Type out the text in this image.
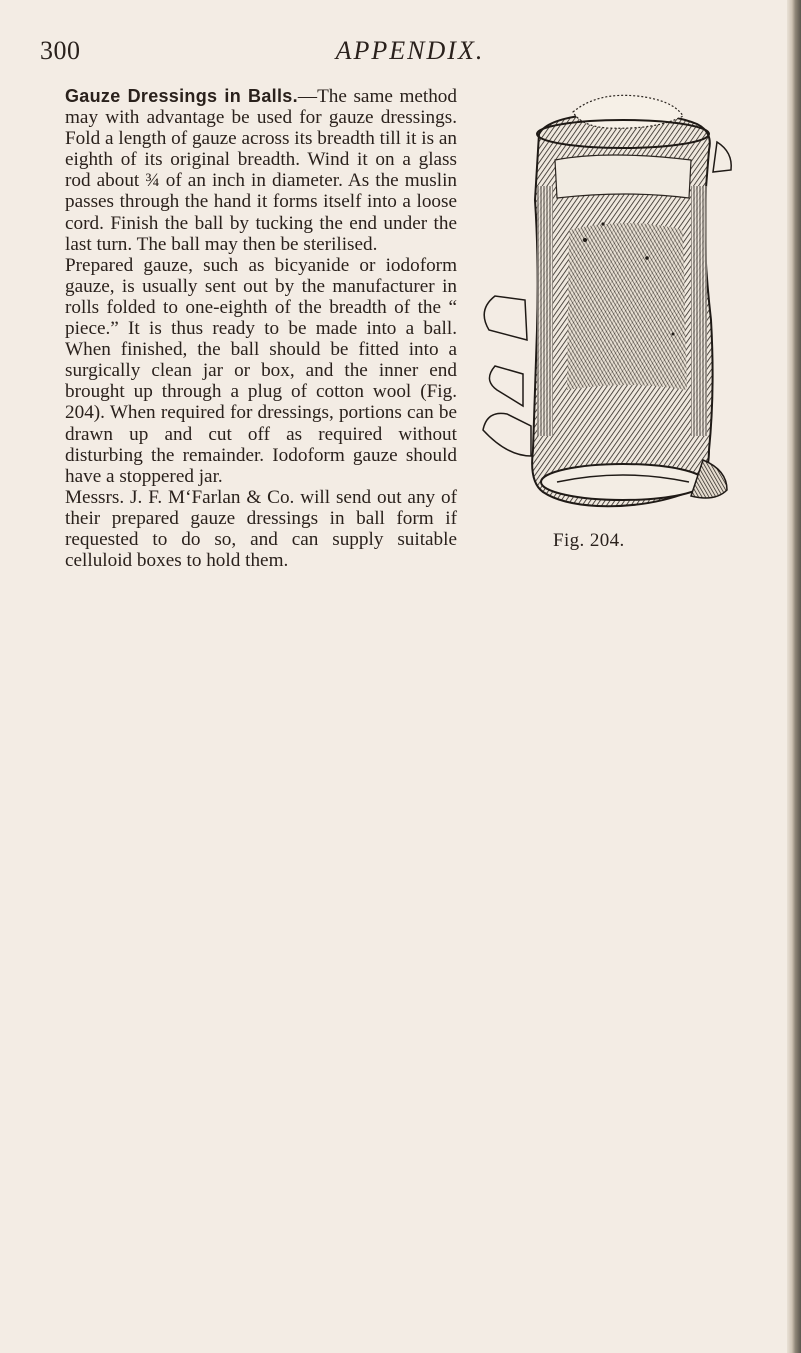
300	APPENDIX.
Fig. 204.
Gauze Dressings in Balls.—The same method may with advantage be used for gauze dressings. Fold a length of gauze across its breadth till it is an eighth of its original breadth. Wind it on a glass rod about ¾ of an inch in diameter. As the muslin passes through the hand it forms itself into a loose cord. Finish the ball by tucking the end under the last turn. The ball may then be sterilised.
Prepared gauze, such as bicyanide or iodoform gauze, is usually sent out by the manufacturer in rolls folded to one-eighth of the breadth of the “ piece.” It is thus ready to be made into a ball. When finished, the ball should be fitted into a surgically clean jar or box, and the inner end brought up through a plug of cotton wool (Fig. 204). When required for dressings, portions can be drawn up and cut off as required without disturbing the remainder. Iodoform gauze should have a stoppered jar.
Messrs. J. F. M‘Farlan & Co. will send out any of their prepared gauze dressings in ball form if requested to do so, and can supply suitable celluloid boxes to hold them.
